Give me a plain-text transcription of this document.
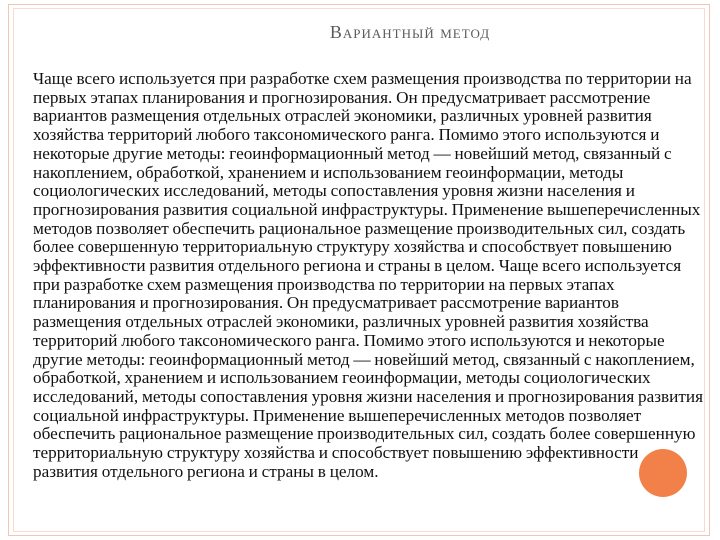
Вариантный метод

Чаще всего используется при разработке схем размещения производства по территории на первых этапах планирования и прогнозирования. Он предусматривает рассмотрение вариантов размещения отдельных отраслей экономики, различных уровней развития хозяйства территорий любого таксономического ранга. Помимо этого используются и некоторые другие методы: геоинформационный метод — новейший метод, связанный с накоплением, обработкой, хранением и использованием геоинформации, методы социологических исследований, методы сопоставления уровня жизни населения и прогнозирования развития социальной инфраструктуры. Применение вышеперечисленных методов позволяет обеспечить рациональное размещение производительных сил, создать более совершенную территориальную структуру хозяйства и способствует повышению эффективности развития отдельного региона и страны в целом. Чаще всего используется при разработке схем размещения производства по территории на первых этапах планирования и прогнозирования. Он предусматривает рассмотрение вариантов размещения отдельных отраслей экономики, различных уровней развития хозяйства территорий любого таксономического ранга. Помимо этого используются и некоторые другие методы: геоинформационный метод — новейший метод, связанный с накоплением, обработкой, хранением и использованием геоинформации, методы социологических исследований, методы сопоставления уровня жизни населения и прогнозирования развития социальной инфраструктуры. Применение вышеперечисленных методов позволяет обеспечить рациональное размещение производительных сил, создать более совершенную территориальную структуру хозяйства и способствует повышению эффективности развития отдельного региона и страны в целом.
